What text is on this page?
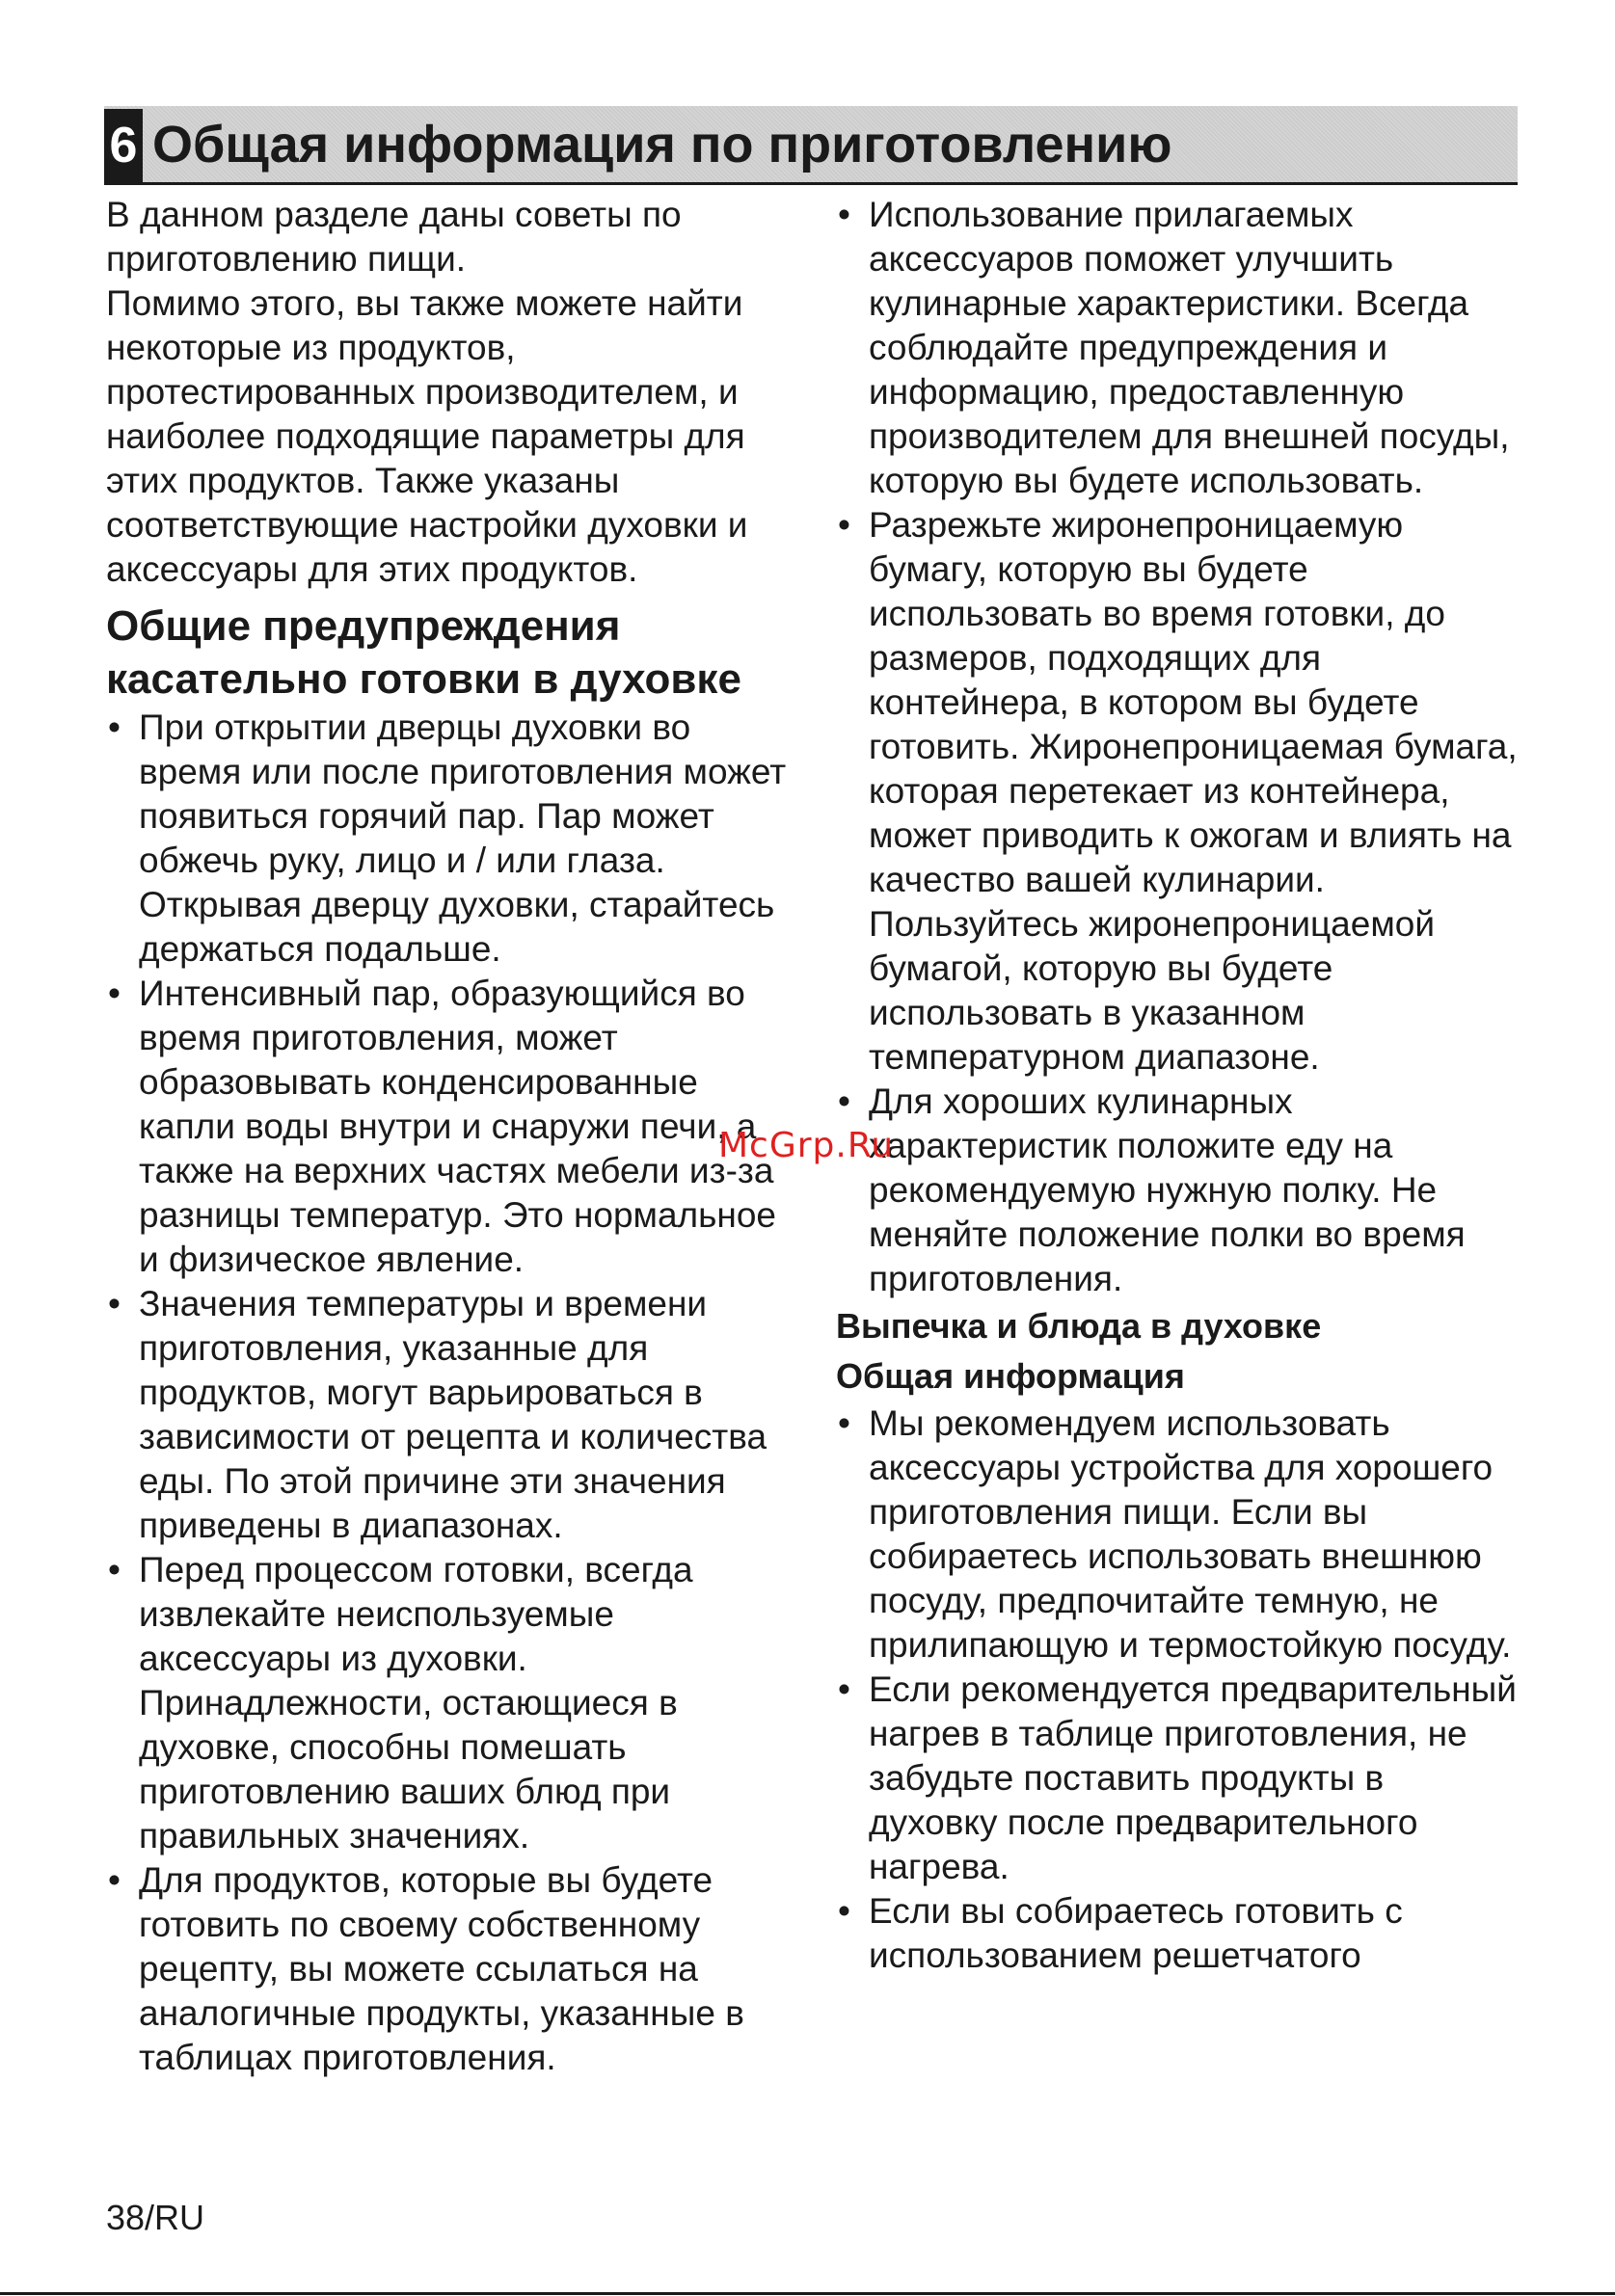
6 Общая информация по приготовлению

В данном разделе даны советы по приготовлению пищи.

Помимо этого, вы также можете найти некоторые из продуктов, протестированных производителем, и наиболее подходящие параметры для этих продуктов. Также указаны соответствующие настройки духовки и аксессуары для этих продуктов.

Общие предупреждения касательно готовки в духовке
• При открытии дверцы духовки во время или после приготовления может появиться горячий пар. Пар может обжечь руку, лицо и / или глаза. Открывая дверцу духовки, старайтесь держаться подальше.
• Интенсивный пар, образующийся во время приготовления, может образовывать конденсированные капли воды внутри и снаружи печи, а также на верхних частях мебели из-за разницы температур. Это нормальное и физическое явление.
• Значения температуры и времени приготовления, указанные для продуктов, могут варьироваться в зависимости от рецепта и количества еды. По этой причине эти значения приведены в диапазонах.
• Перед процессом готовки, всегда извлекайте неиспользуемые аксессуары из духовки. Принадлежности, остающиеся в духовке, способны помешать приготовлению ваших блюд при правильных значениях.
• Для продуктов, которые вы будете готовить по своему собственному рецепту, вы можете ссылаться на аналогичные продукты, указанные в таблицах приготовления.
• Использование прилагаемых аксессуаров поможет улучшить кулинарные характеристики. Всегда соблюдайте предупреждения и информацию, предоставленную производителем для внешней посуды, которую вы будете использовать.
• Разрежьте жиронепроницаемую бумагу, которую вы будете использовать во время готовки, до размеров, подходящих для контейнера, в котором вы будете готовить. Жиронепроницаемая бумага, которая перетекает из контейнера, может приводить к ожогам и влиять на качество вашей кулинарии. Пользуйтесь жиронепроницаемой бумагой, которую вы будете использовать в указанном температурном диапазоне.
• Для хороших кулинарных характеристик положите еду на рекомендуемую нужную полку. Не меняйте положение полки во время приготовления.
Выпечка и блюда в духовке
Общая информация
• Мы рекомендуем использовать аксессуары устройства для хорошего приготовления пищи. Если вы собираетесь использовать внешнюю посуду, предпочитайте темную, не прилипающую и термостойкую посуду.
• Если рекомендуется предварительный нагрев в таблице приготовления, не забудьте поставить продукты в духовку после предварительного нагрева.
• Если вы собираетесь готовить с использованием решетчатого
McGrp.Ru
38/RU
